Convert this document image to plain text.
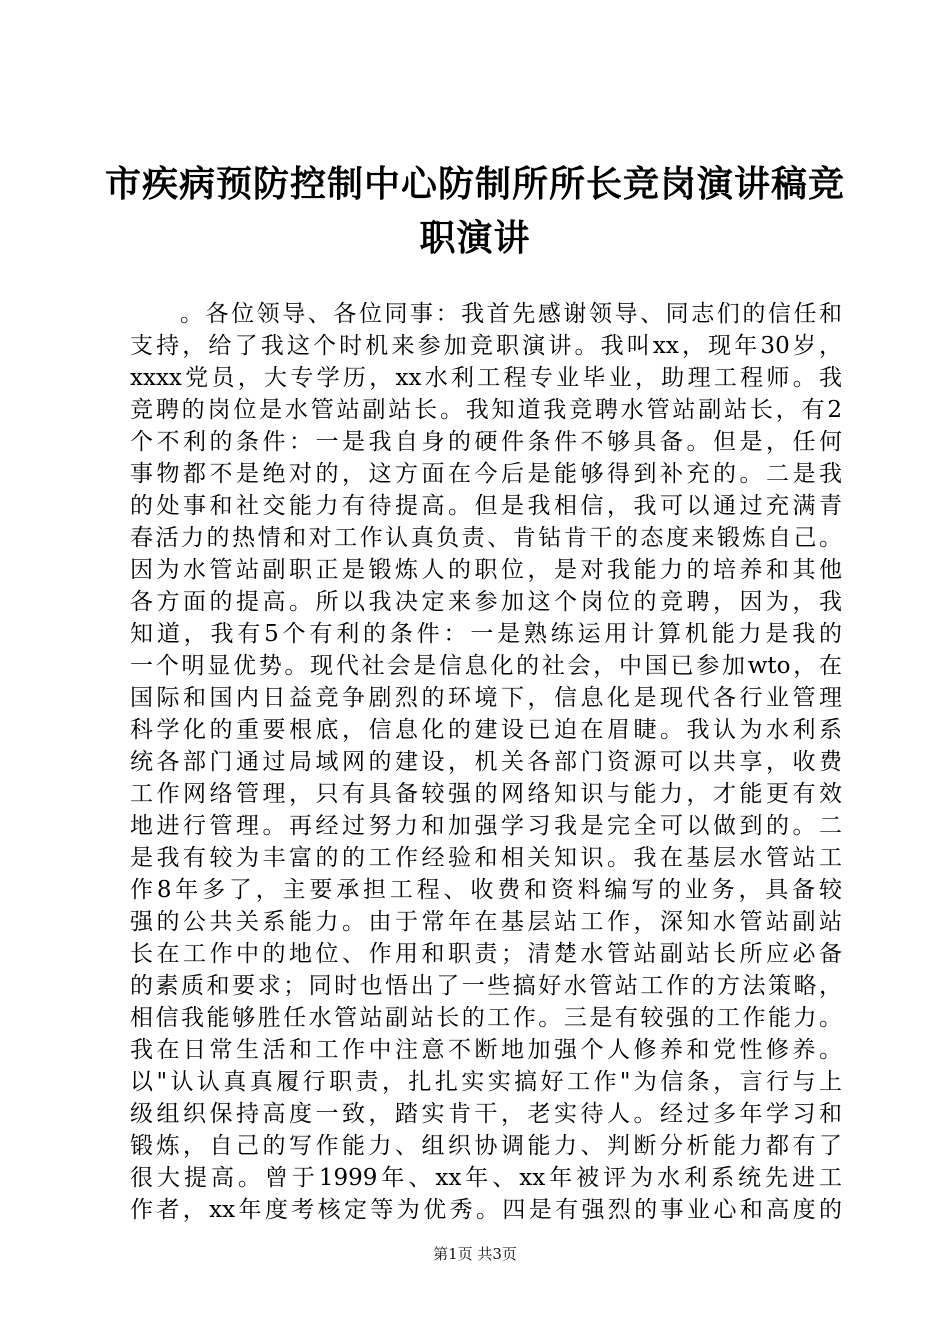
市疾病预防控制中心防制所所长竞岗演讲稿竞
职演讲
。各位领导、各位同事：我首先感谢领导、同志们的信任和
支持，给了我这个时机来参加竞职演讲。我叫xx，现年30岁，
xxxx党员，大专学历，xx水利工程专业毕业，助理工程师。我
竞聘的岗位是水管站副站长。我知道我竞聘水管站副站长，有2
个不利的条件：一是我自身的硬件条件不够具备。但是，任何
事物都不是绝对的，这方面在今后是能够得到补充的。二是我
的处事和社交能力有待提高。但是我相信，我可以通过充满青
春活力的热情和对工作认真负责、肯钻肯干的态度来锻炼自己。
因为水管站副职正是锻炼人的职位，是对我能力的培养和其他
各方面的提高。所以我决定来参加这个岗位的竞聘，因为，我
知道，我有5个有利的条件：一是熟练运用计算机能力是我的
一个明显优势。现代社会是信息化的社会，中国已参加wto，在
国际和国内日益竞争剧烈的环境下，信息化是现代各行业管理
科学化的重要根底，信息化的建设已迫在眉睫。我认为水利系
统各部门通过局域网的建设，机关各部门资源可以共享，收费
工作网络管理，只有具备较强的网络知识与能力，才能更有效
地进行管理。再经过努力和加强学习我是完全可以做到的。二
是我有较为丰富的的工作经验和相关知识。我在基层水管站工
作8年多了，主要承担工程、收费和资料编写的业务，具备较
强的公共关系能力。由于常年在基层站工作，深知水管站副站
长在工作中的地位、作用和职责；清楚水管站副站长所应必备
的素质和要求；同时也悟出了一些搞好水管站工作的方法策略，
相信我能够胜任水管站副站长的工作。三是有较强的工作能力。
我在日常生活和工作中注意不断地加强个人修养和党性修养。
以"认认真真履行职责，扎扎实实搞好工作"为信条，言行与上
级组织保持高度一致，踏实肯干，老实待人。经过多年学习和
锻炼，自己的写作能力、组织协调能力、判断分析能力都有了
很大提高。曾于1999年、xx年、xx年被评为水利系统先进工
作者，xx年度考核定等为优秀。四是有强烈的事业心和高度的
第1页 共3页
